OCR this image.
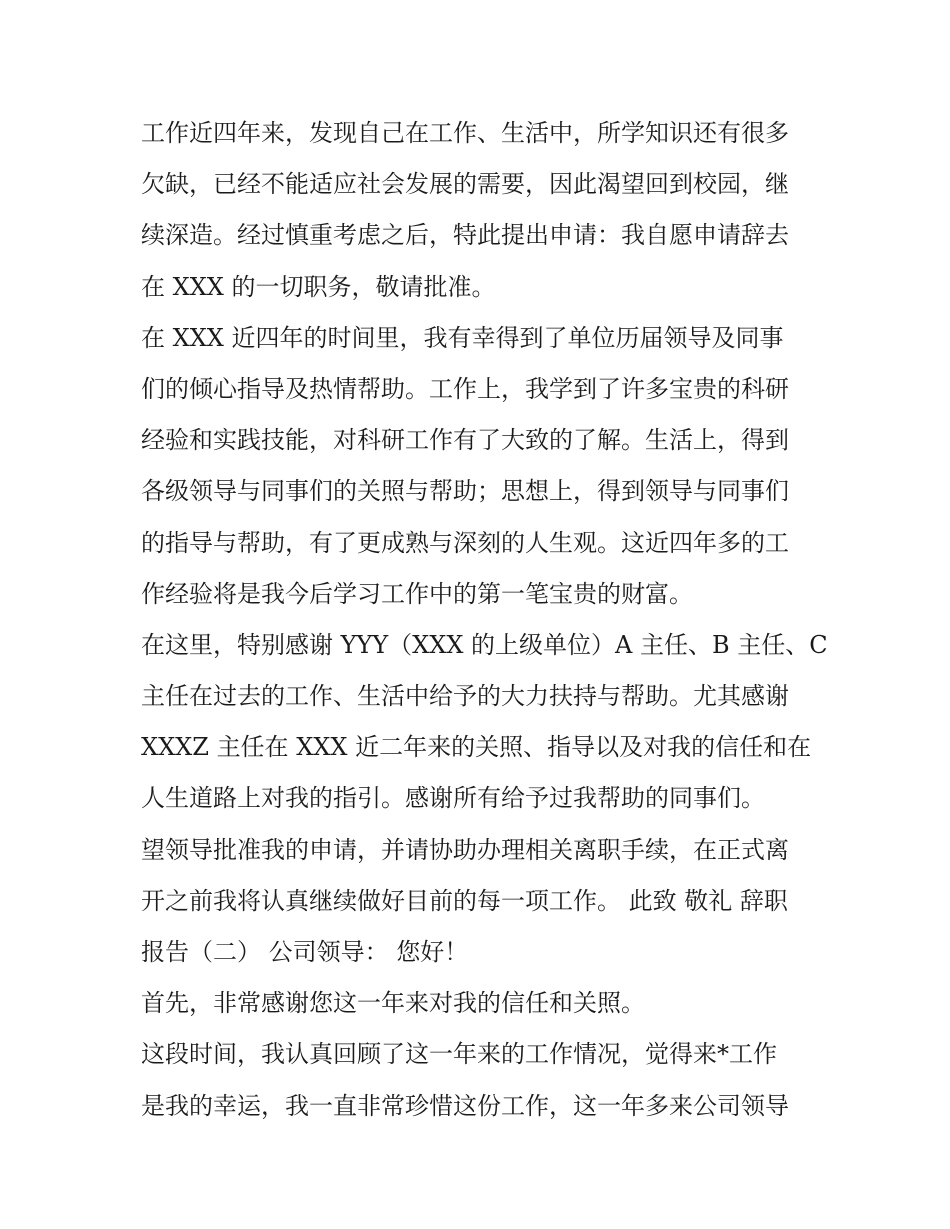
工作近四年来，发现自己在工作、生活中，所学知识还有很多
欠缺，已经不能适应社会发展的需要，因此渴望回到校园，继
续深造。经过慎重考虑之后，特此提出申请：我自愿申请辞去
在 XXX 的一切职务，敬请批准。
在 XXX 近四年的时间里，我有幸得到了单位历届领导及同事
们的倾心指导及热情帮助。工作上，我学到了许多宝贵的科研
经验和实践技能，对科研工作有了大致的了解。生活上，得到
各级领导与同事们的关照与帮助；思想上，得到领导与同事们
的指导与帮助，有了更成熟与深刻的人生观。这近四年多的工
作经验将是我今后学习工作中的第一笔宝贵的财富。
在这里，特别感谢 YYY（XXX 的上级单位）A 主任、B 主任、C
主任在过去的工作、生活中给予的大力扶持与帮助。尤其感谢
XXXZ 主任在 XXX 近二年来的关照、指导以及对我的信任和在
人生道路上对我的指引。感谢所有给予过我帮助的同事们。
望领导批准我的申请，并请协助办理相关离职手续，在正式离
开之前我将认真继续做好目前的每一项工作。 此致 敬礼 辞职
报告（二） 公司领导： 您好！
首先，非常感谢您这一年来对我的信任和关照。
这段时间，我认真回顾了这一年来的工作情况，觉得来*工作
是我的幸运，我一直非常珍惜这份工作，这一年多来公司领导
